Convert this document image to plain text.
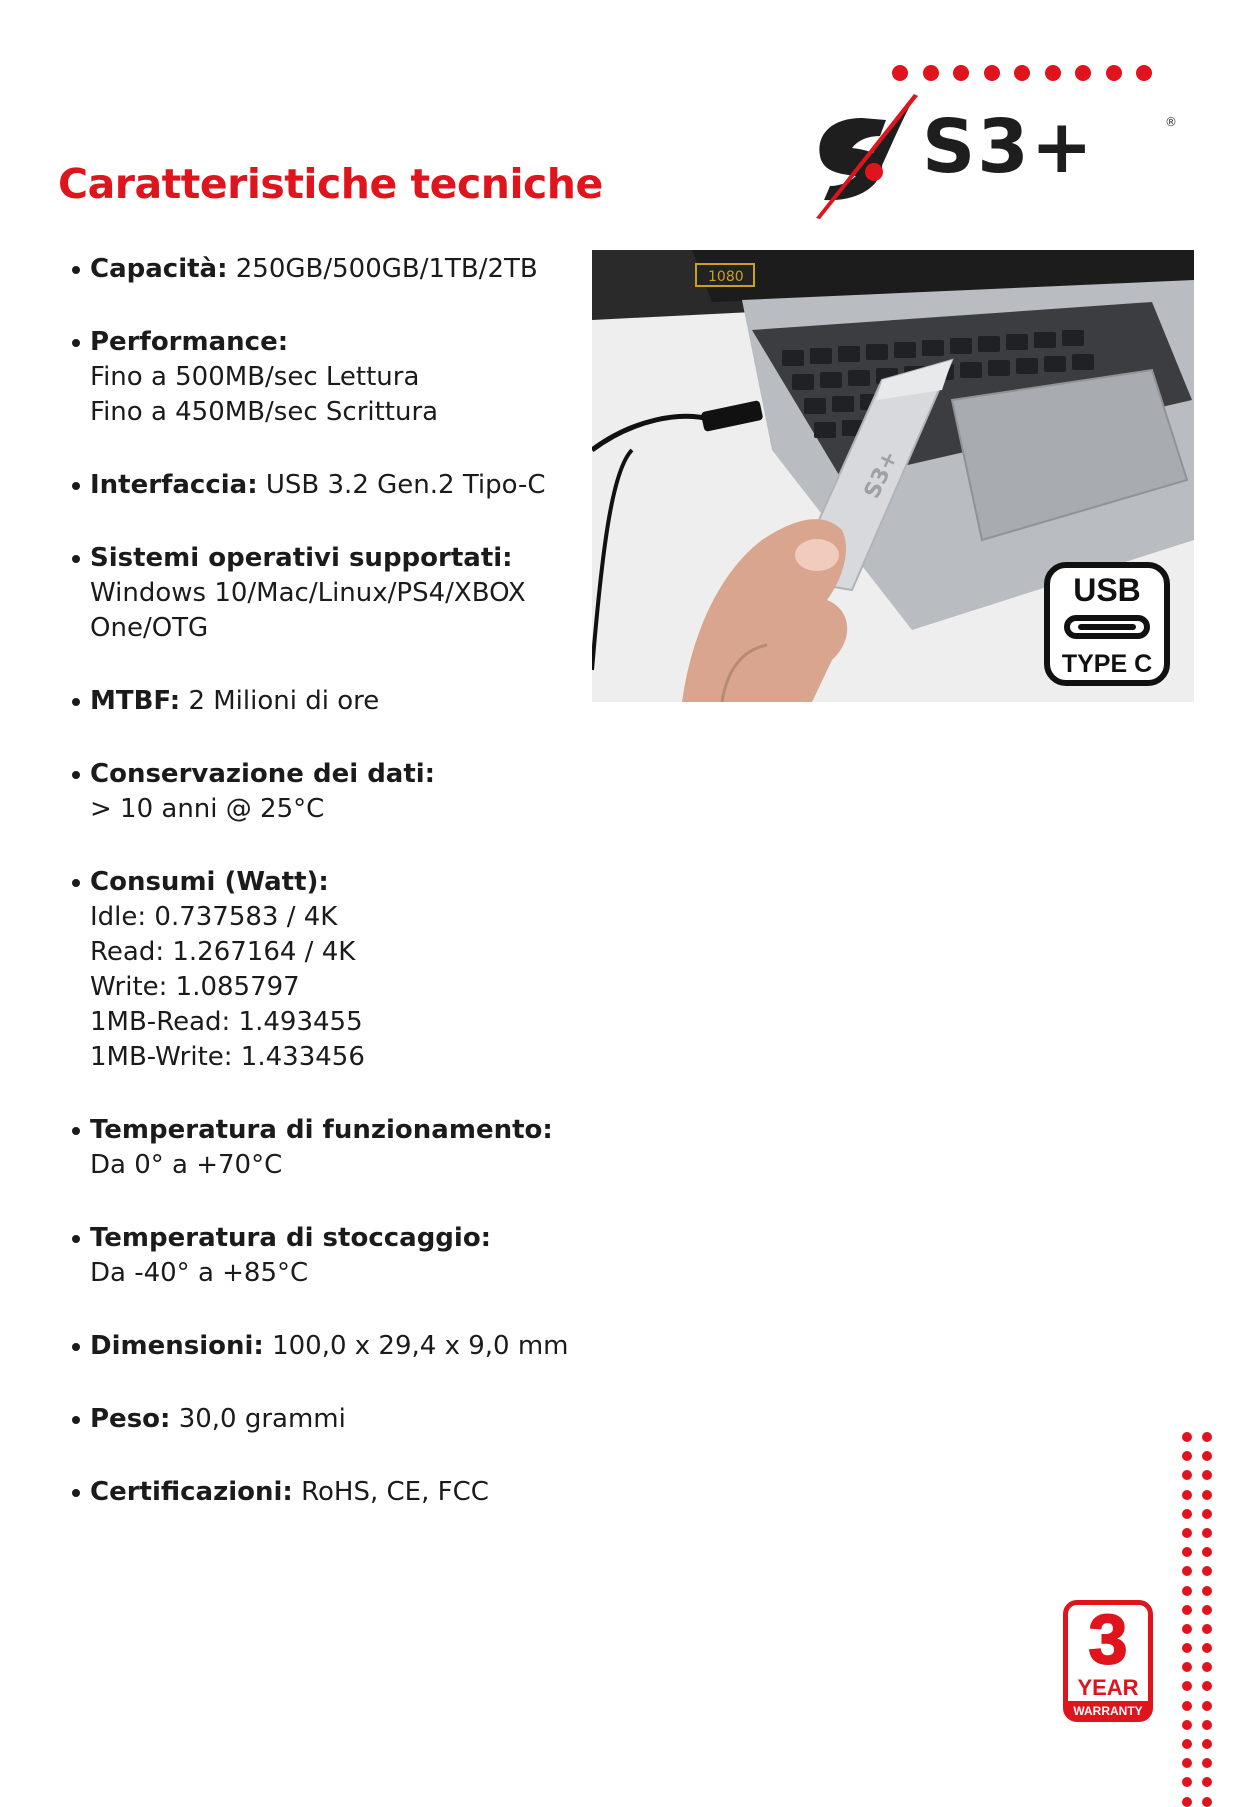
Caratteristiche tecniche	S3+	®
Capacità: 250GB/500GB/1TB/2TB
Performance:
Fino a 500MB/sec Lettura
Fino a 450MB/sec Scrittura
Interfaccia: USB 3.2 Gen.2 Tipo-C
Sistemi operativi supportati:
Windows 10/Mac/Linux/PS4/XBOX
One/OTG
MTBF: 2 Milioni di ore
Conservazione dei dati:
> 10 anni @ 25°C
Consumi (Watt):
Idle: 0.737583 / 4K
Read: 1.267164 / 4K
Write: 1.085797
1MB-Read: 1.493455
1MB-Write: 1.433456
Temperatura di funzionamento:
Da 0° a +70°C
Temperatura di stoccaggio:
Da -40° a +85°C
Dimensioni: 100,0 x 29,4 x 9,0 mm
Peso: 30,0 grammi
Certificazioni: RoHS, CE, FCC
1080
S3+
USB
TYPE C
3
YEAR
WARRANTY
